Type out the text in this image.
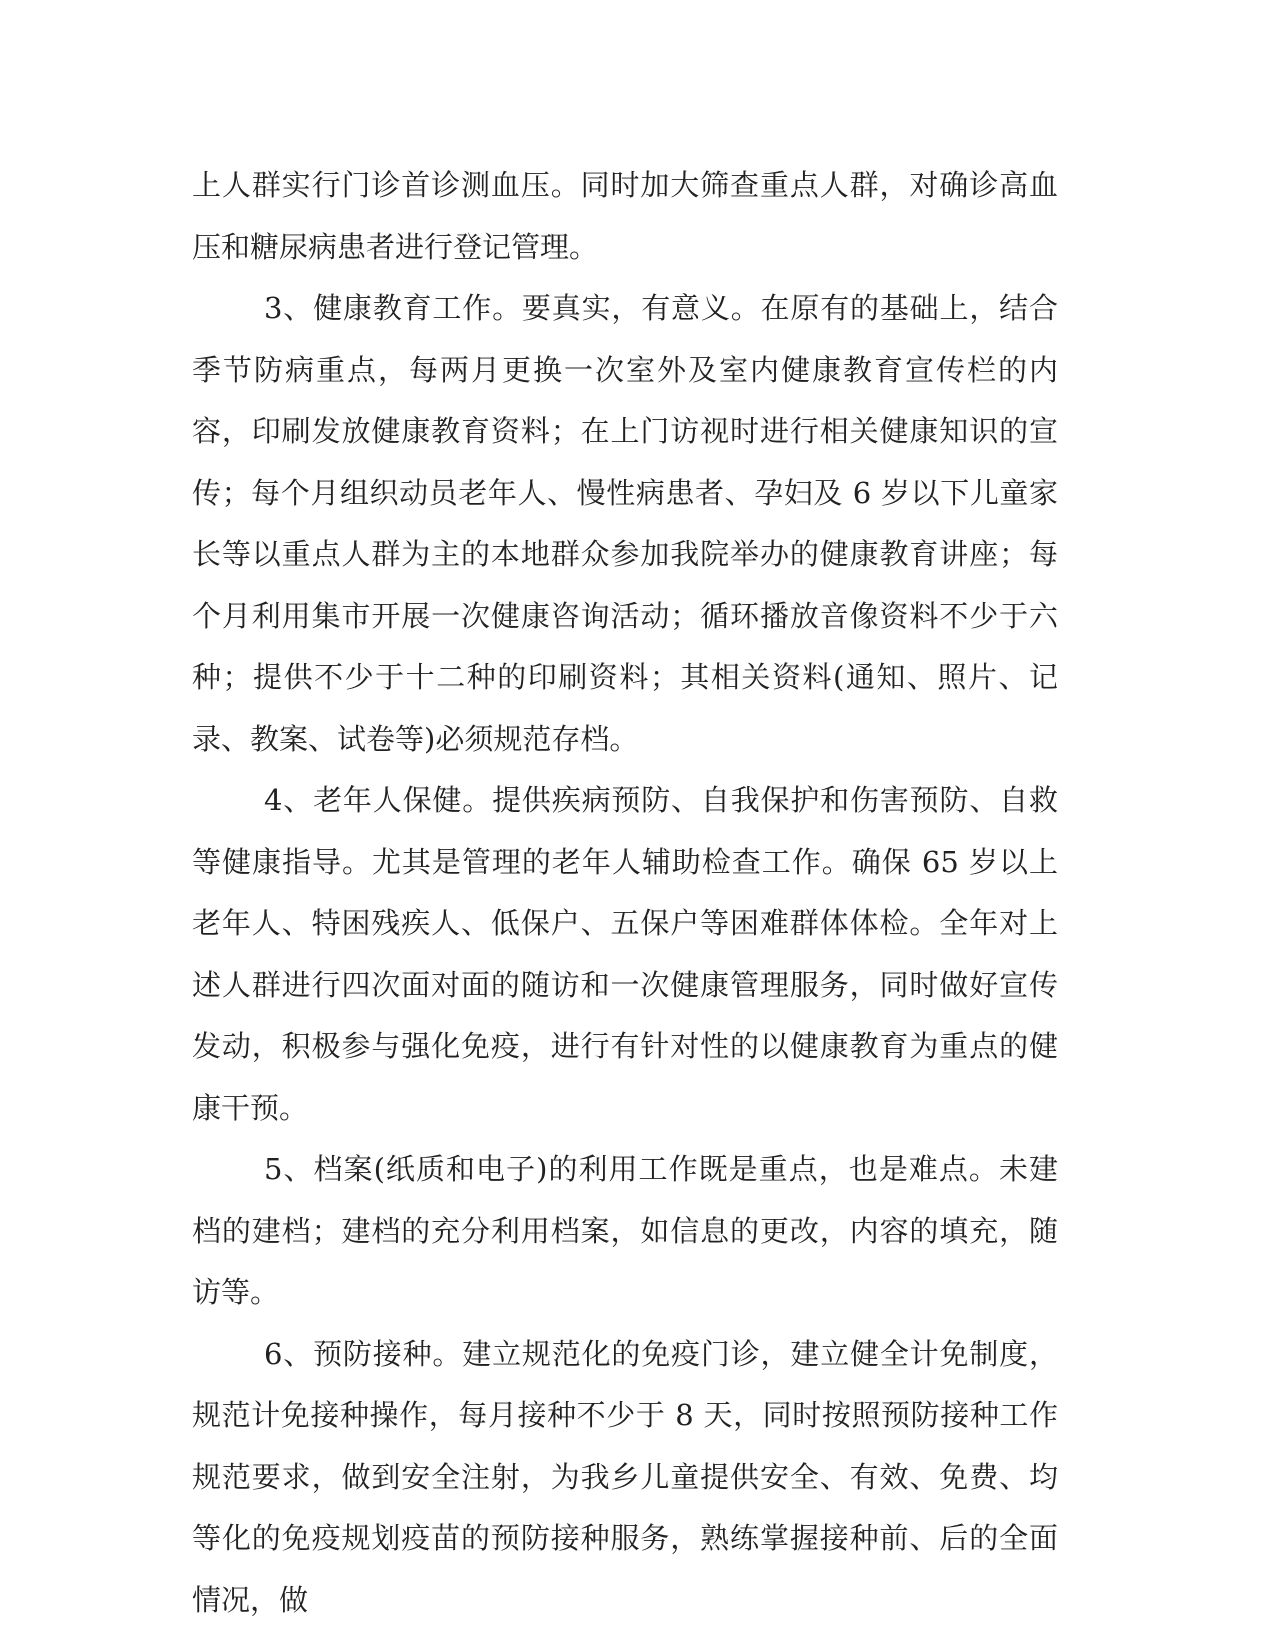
上人群实行门诊首诊测血压。同时加大筛查重点人群，对确诊高血压和糖尿病患者进行登记管理。

3、健康教育工作。要真实，有意义。在原有的基础上，结合季节防病重点，每两月更换一次室外及室内健康教育宣传栏的内容，印刷发放健康教育资料；在上门访视时进行相关健康知识的宣传；每个月组织动员老年人、慢性病患者、孕妇及 6 岁以下儿童家长等以重点人群为主的本地群众参加我院举办的健康教育讲座；每个月利用集市开展一次健康咨询活动；循环播放音像资料不少于六种；提供不少于十二种的印刷资料；其相关资料(通知、照片、记录、教案、试卷等)必须规范存档。

4、老年人保健。提供疾病预防、自我保护和伤害预防、自救等健康指导。尤其是管理的老年人辅助检查工作。确保 65 岁以上老年人、特困残疾人、低保户、五保户等困难群体体检。全年对上述人群进行四次面对面的随访和一次健康管理服务，同时做好宣传发动，积极参与强化免疫，进行有针对性的以健康教育为重点的健康干预。

5、档案(纸质和电子)的利用工作既是重点，也是难点。未建档的建档；建档的充分利用档案，如信息的更改，内容的填充，随访等。

6、预防接种。建立规范化的免疫门诊，建立健全计免制度，规范计免接种操作，每月接种不少于 8 天，同时按照预防接种工作规范要求，做到安全注射，为我乡儿童提供安全、有效、免费、均等化的免疫规划疫苗的预防接种服务，熟练掌握接种前、后的全面情况，做
